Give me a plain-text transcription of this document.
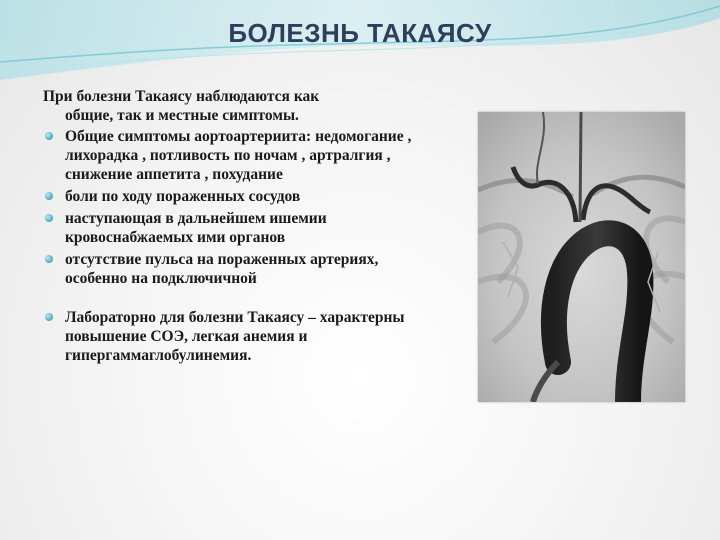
БОЛЕЗНЬ ТАКАЯСУ
При болезни Такаясу наблюдаются как
общие, так и местные симптомы.
Общие симптомы аортоартериита: недомогание , лихорадка , потливость по ночам , артралгия , снижение аппетита , похудание
боли по ходу пораженных сосудов
наступающая в дальнейшем ишемии кровоснабжаемых ими органов
отсутствие пульса на пораженных артериях, особенно на подключичной
Лабораторно для болезни Такаясу – характерны повышение СОЭ, легкая анемия и гипергаммаглобулинемия.
